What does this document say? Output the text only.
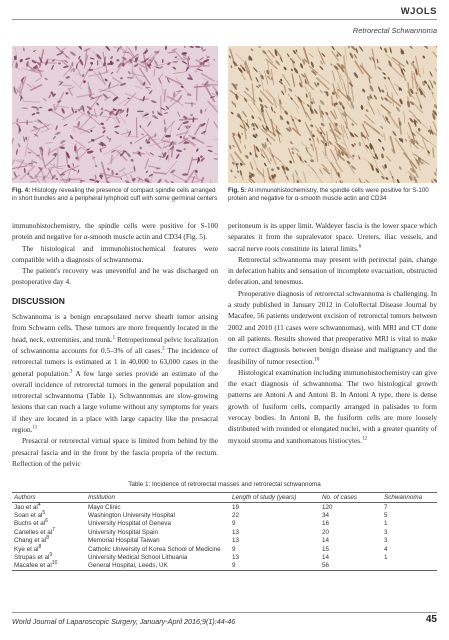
WJOLS
Retrorectal Schwannoma
Fig. 4: Histology revealing the presence of compact spindle cells arranged in short bundles and a peripheral lymphoid cuff with some germinal centers
Fig. 5: At immunohistochemistry, the spindle cells were positive for S-100 protein and negative for α-smooth muscle actin and CD34

immunohistochemistry, the spindle cells were positive for S-100 protein and negative for α-smooth muscle actin and CD34 (Fig. 5).

The histological and immunohistochemical features were compatible with a diagnosis of schwannoma.

The patient's recovery was uneventful and he was discharged on postoperative day 4.

DISCUSSION

Schwannoma is a benign encapsulated nerve sheath tumor arising from Schwann cells. These tumors are more frequently located in the head, neck, extremities, and trunk.$^1$ Retroperitoneal pelvic localization of schwannoma accounts for 0.5–3% of all cases.$^2$ The incidence of retrorectal tumors is estimated at 1 in 40,000 to 63,000 cases in the general population.$^3$ A few large series provide an estimate of the overall incidence of retrorectal tumors in the general population and retrorectal schwannoma (Table 1). Schwannomas are slow-growing lesions that can reach a large volume without any symptoms for years if they are located in a place with large capacity like the presacral region.$^{11}$

Presacral or retrorectal virtual space is limited from behind by the presacral fascia and in the front by the fascia propria of the rectum. Reflection of the pelvic

peritoneum is its upper limit. Waldeyer fascia is the lower space which separates it from the supralevator space. Ureters, iliac vessels, and sacral nerve roots constitute its lateral limits.$^6$

Retrorectal schwannoma may present with perirectal pain, change in defecation habits and sensation of incomplete evacuation, obstructed defecation, and tenesmus.

Preoperative diagnosis of retrorectal schwannoma is challenging. In a study published in January 2012 in ColoRectal Disease Journal by Macafee, 56 patients underwent excision of retrorectal tumors between 2002 and 2010 (11 cases were schwannomas), with MRI and CT done on all patients. Results showed that preoperative MRI is vital to make the correct diagnosis between benign disease and malignancy and the feasibility of tumor resection.$^{10}$

Histological examination including immunohistochemistry can give the exact diagnosis of schwannoma. The two histological growth patterns are Antoni A and Antoni B. In Antoni A type, there is dense growth of fusiform cells, compactly arranged in palisades to form verocay bodies. In Antoni B, the fusiform cells are more loosely distributed with rounded or elongated nuclei, with a greater quantity of myxoid stroma and xanthomatous histiocytes.$^{12}$

Table 1: Incidence of retrorectal masses and retrorectal schwannoma
Authors	Institution	Length of study (years)	No. of cases	Schwannoma
Jao et $al^4$	Mayo Clinic	19	120	7
Soan et $al^5$	Washington University Hospital	22	34	5
Buchs et $al^6$	University Hospital of Geneva	9	16	1
Canelles et $al^7$	University Hospital Spain	13	20	3
Chang et $al^8$	Memorial Hospital Taiwan	13	14	3
Kye et $al^8$	Catholic University of Korea School of Medicine	9	15	4
Strupas et $al^9$	University Medical School Lithuania	13	14	1
Macafee et $al^{10}$	General Hospital, Leeds, UK	9	56	
World Journal of Laparoscopic Surgery, January-April 2016;9(1):44-46	45
